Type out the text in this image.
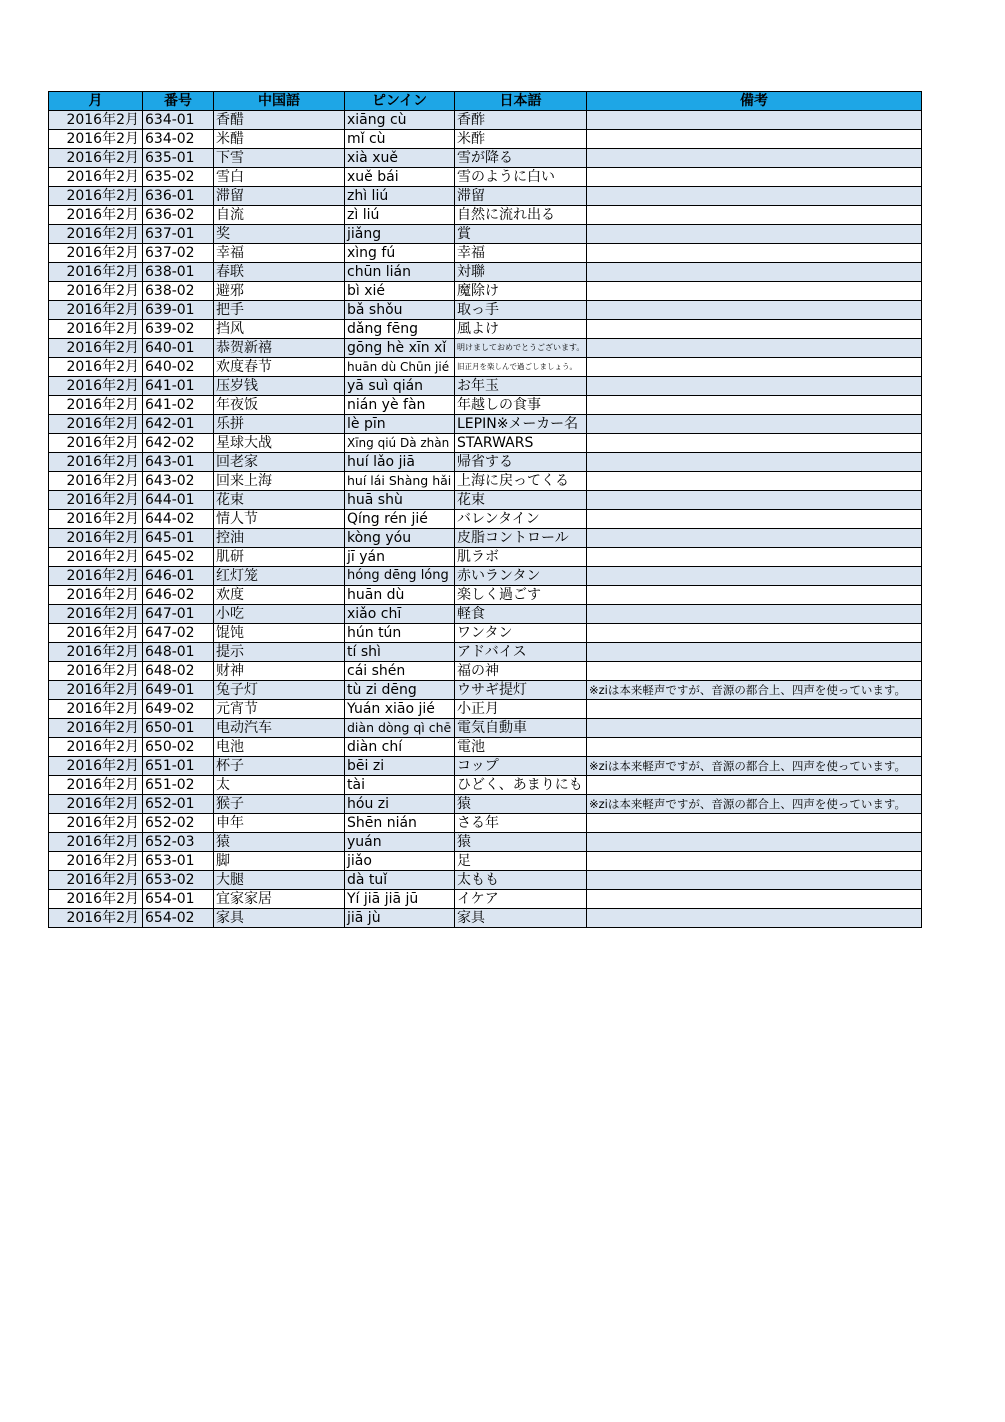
月	番号	中国語	ピンイン	日本語	備考
2016年2月	634-01	香醋	xiāng cù	香酢	
2016年2月	634-02	米醋	mǐ cù	米酢	
2016年2月	635-01	下雪	xià xuě	雪が降る	
2016年2月	635-02	雪白	xuě bái	雪のように白い	
2016年2月	636-01	滞留	zhì liú	滞留	
2016年2月	636-02	自流	zì liú	自然に流れ出る	
2016年2月	637-01	奖	jiǎng	賞	
2016年2月	637-02	幸福	xìng fú	幸福	
2016年2月	638-01	春联	chūn lián	対聯	
2016年2月	638-02	避邪	bì xié	魔除け	
2016年2月	639-01	把手	bǎ shǒu	取っ手	
2016年2月	639-02	挡风	dǎng fēng	風よけ	
2016年2月	640-01	恭贺新禧	gōng hè xīn xǐ	明けましておめでとうございます。	
2016年2月	640-02	欢度春节	huān dù Chūn jié	旧正月を楽しんで過ごしましょう。	
2016年2月	641-01	压岁钱	yā suì qián	お年玉	
2016年2月	641-02	年夜饭	nián yè fàn	年越しの食事	
2016年2月	642-01	乐拼	lè pīn	LEPIN※メーカー名	
2016年2月	642-02	星球大战	Xīng qiú Dà zhàn	STARWARS	
2016年2月	643-01	回老家	huí lǎo jiā	帰省する	
2016年2月	643-02	回来上海	huí lái Shàng hǎi	上海に戻ってくる	
2016年2月	644-01	花束	huā shù	花束	
2016年2月	644-02	情人节	Qíng rén jié	バレンタイン	
2016年2月	645-01	控油	kòng yóu	皮脂コントロール	
2016年2月	645-02	肌研	jī yán	肌ラボ	
2016年2月	646-01	红灯笼	hóng dēng lóng	赤いランタン	
2016年2月	646-02	欢度	huān dù	楽しく過ごす	
2016年2月	647-01	小吃	xiǎo chī	軽食	
2016年2月	647-02	馄饨	hún tún	ワンタン	
2016年2月	648-01	提示	tí shì	アドバイス	
2016年2月	648-02	财神	cái shén	福の神	
2016年2月	649-01	兔子灯	tù zi dēng	ウサギ提灯	※ziは本来軽声ですが、音源の都合上、四声を使っています。
2016年2月	649-02	元宵节	Yuán xiāo jié	小正月	
2016年2月	650-01	电动汽车	diàn dòng qì chē	電気自動車	
2016年2月	650-02	电池	diàn chí	電池	
2016年2月	651-01	杯子	bēi zi	コップ	※ziは本来軽声ですが、音源の都合上、四声を使っています。
2016年2月	651-02	太	tài	ひどく、あまりにも	
2016年2月	652-01	猴子	hóu zi	猿	※ziは本来軽声ですが、音源の都合上、四声を使っています。
2016年2月	652-02	申年	Shēn nián	さる年	
2016年2月	652-03	猿	yuán	猿	
2016年2月	653-01	脚	jiǎo	足	
2016年2月	653-02	大腿	dà tuǐ	太もも	
2016年2月	654-01	宜家家居	Yí jiā jiā jū	イケア	
2016年2月	654-02	家具	jiā jù	家具	
